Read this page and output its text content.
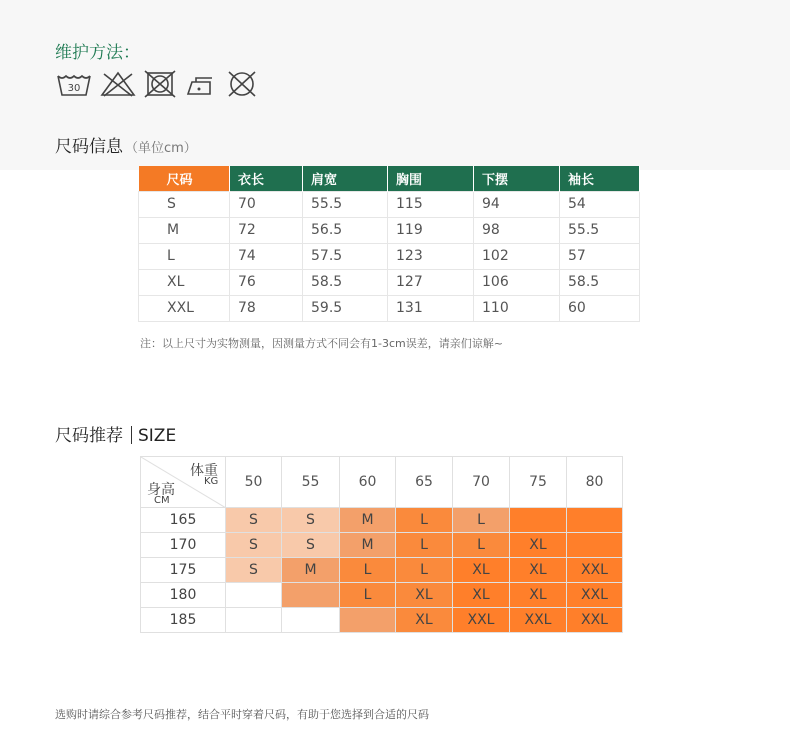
维护方法：
30
尺码信息 （单位cm）
尺码	衣长	肩宽	胸围	下摆	袖长
S	70	55.5	115	94	54
M	72	56.5	119	98	55.5
L	74	57.5	123	102	57
XL	76	58.5	127	106	58.5
XXL	78	59.5	131	110	60
注：以上尺寸为实物测量，因测量方式不同会有1-3cm误差，请亲们谅解~
尺码推荐 SIZE
体重
KG
身高
CM	50	55	60	65	70	75	80
165	S	S	M	L	L		
170	S	S	M	L	L	XL	
175	S	M	L	L	XL	XL	XXL
180			L	XL	XL	XL	XXL
185				XL	XXL	XXL	XXL
选购时请综合参考尺码推荐，结合平时穿着尺码，有助于您选择到合适的尺码
